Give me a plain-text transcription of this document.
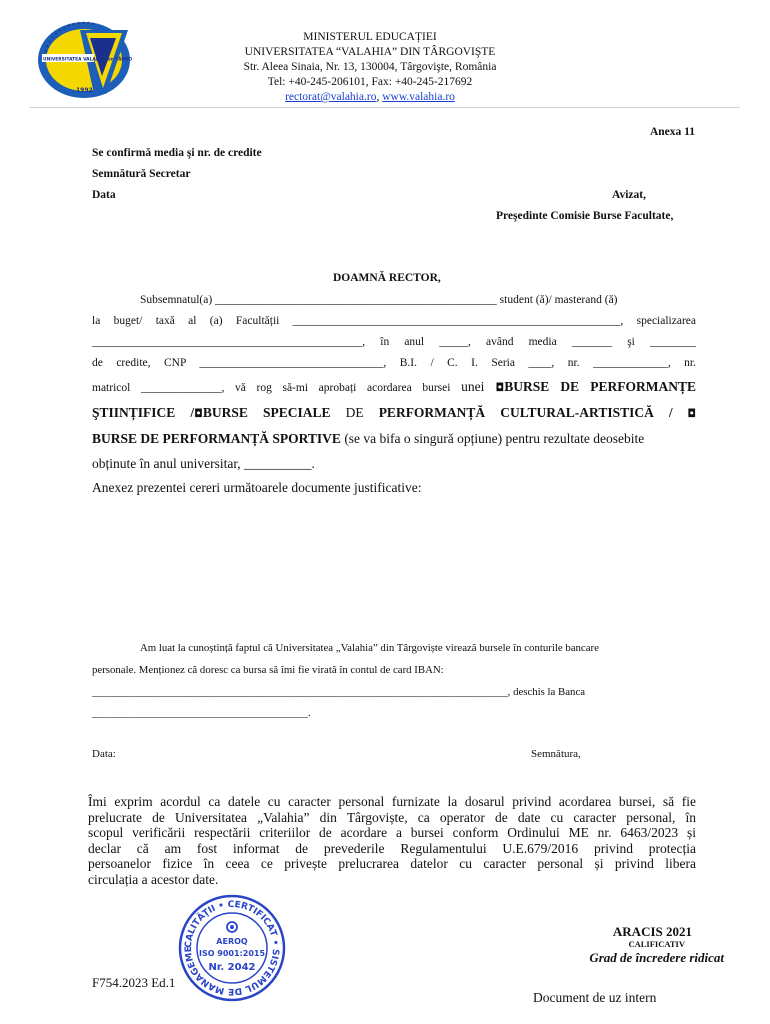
UNIVERSITATEA VALAHIA din TÂRGO
1992
★ ★ ★ ★ ★ ★ ★ ★ ★ ★ ★ ★ ★
MINISTERUL EDUCAȚIEI
UNIVERSITATEA “VALAHIA” DIN TÂRGOVIŞTE
Str. Aleea Sinaia, Nr. 13, 130004, Târgovişte, România
Tel: +40-245-206101, Fax: +40-245-217692
rectorat@valahia.ro, www.valahia.ro
Anexa 11
Se confirmă media şi nr. de credite
Semnătură Secretar
Data	Avizat,
Preşedinte Comisie Burse Facultate,
DOAMNĂ RECTOR,
Subsemnatul(a) _________________________________________________ student (ă)/ masterand (ă)
la buget/ taxă al (a) Facultății _________________________________________________________, specializarea
_______________________________________________, în anul _____, având media _______ şi ________
de credite, CNP ________________________________, B.I. / C. I. Seria ____, nr. _____________, nr.
matricol ______________, vă rog să-mi aprobați acordarea bursei unei ◘BURSE DE PERFORMANȚE
ŞTIINȚIFICE /◘BURSE SPECIALE DE PERFORMANȚĂ CULTURAL-ARTISTICĂ / ◘
BURSE DE PERFORMANȚĂ SPORTIVE (se va bifa o singură opțiune) pentru rezultate deosebite
obținute în anul universitar, __________.
Anexez prezentei cereri următoarele documente justificative:
Am luat la cunoștință faptul că Universitatea „Valahia” din Târgoviște virează bursele în conturile bancare
personale. Menționez că doresc ca bursa să îmi fie virată în contul de card IBAN:
_____________________________________________________________________________, deschis la Banca
________________________________________.
Data:	Semnătura,
Îmi exprim acordul ca datele cu caracter personal furnizate la dosarul privind acordarea bursei, să fie
prelucrate de Universitatea „Valahia” din Târgoviște, ca operator de date cu caracter personal, în
scopul verificării respectării criteriilor de acordare a bursei conform Ordinului ME nr. 6463/2023 și
declar că am fost informat de prevederile Regulamentului U.E.679/2016 privind protecția
persoanelor fizice în ceea ce privește prelucrarea datelor cu caracter personal și privind libera
circulația a acestor date.
CALITĂŢII • CERTIFICAT • SISTEMUL DE MANAGEME
AEROQ
ISO 9001:2015
Nr. 2042
ARACIS 2021
CALIFICATIV
Grad de încredere ridicat
F754.2023 Ed.1
Document de uz intern
